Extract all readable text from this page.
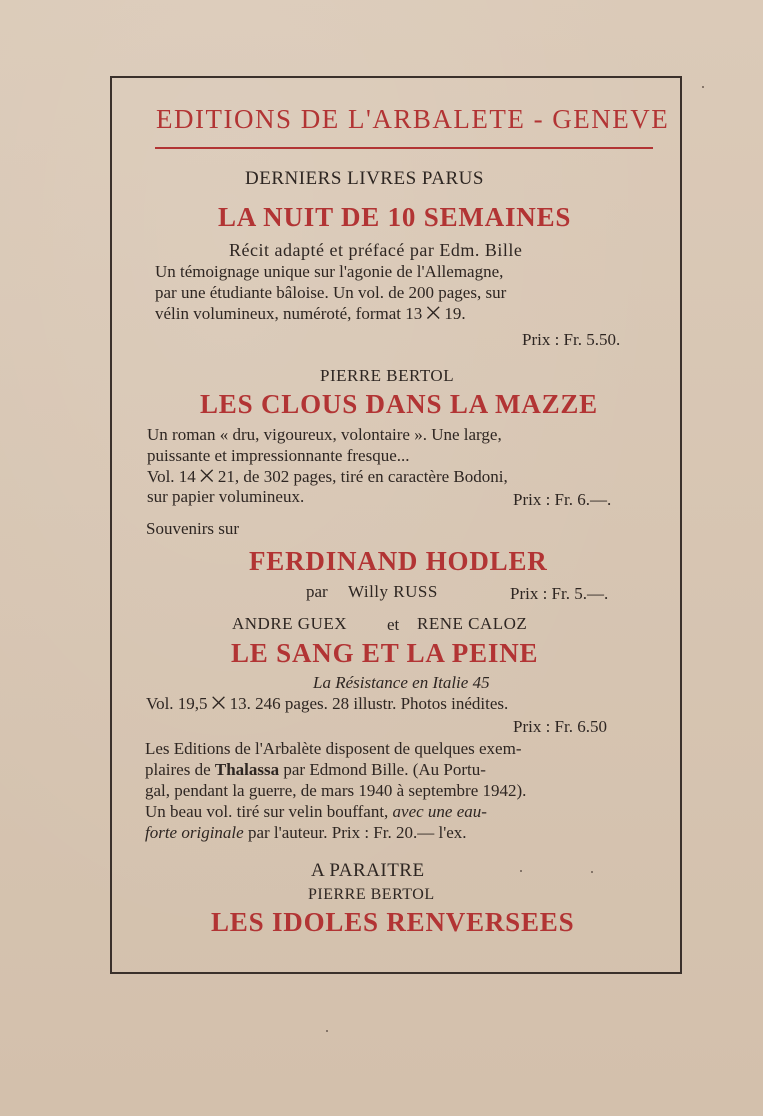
EDITIONS DE L'ARBALETE - GENEVE
DERNIERS LIVRES PARUS
LA NUIT DE 10 SEMAINES
Récit adapté et préfacé par Edm. Bille
Un témoignage unique sur l'agonie de l'Allemagne,
par une étudiante bâloise. Un vol. de 200 pages, sur
vélin volumineux, numéroté, format 13 ⨉ 19.
Prix : Fr. 5.50.
PIERRE BERTOL
LES CLOUS DANS LA MAZZE
Un roman « dru, vigoureux, volontaire ». Une large,
puissante et impressionnante fresque...
Vol. 14 ⨉ 21, de 302 pages, tiré en caractère Bodoni,
sur papier volumineux.	Prix : Fr. 6.—.
Souvenirs sur
FERDINAND HODLER
par Willy RUSS	Prix : Fr. 5.—.
ANDRE GUEX et RENE CALOZ
LE SANG ET LA PEINE
La Résistance en Italie 45
Vol. 19,5 ⨉ 13. 246 pages. 28 illustr. Photos inédites.
Prix : Fr. 6.50
Les Editions de l'Arbalète disposent de quelques exem-
plaires de Thalassa par Edmond Bille. (Au Portu-
gal, pendant la guerre, de mars 1940 à septembre 1942).
Un beau vol. tiré sur velin bouffant, avec une eau-
forte originale par l'auteur. Prix : Fr. 20.— l'ex.
A PARAITRE
PIERRE BERTOL
LES IDOLES RENVERSEES
